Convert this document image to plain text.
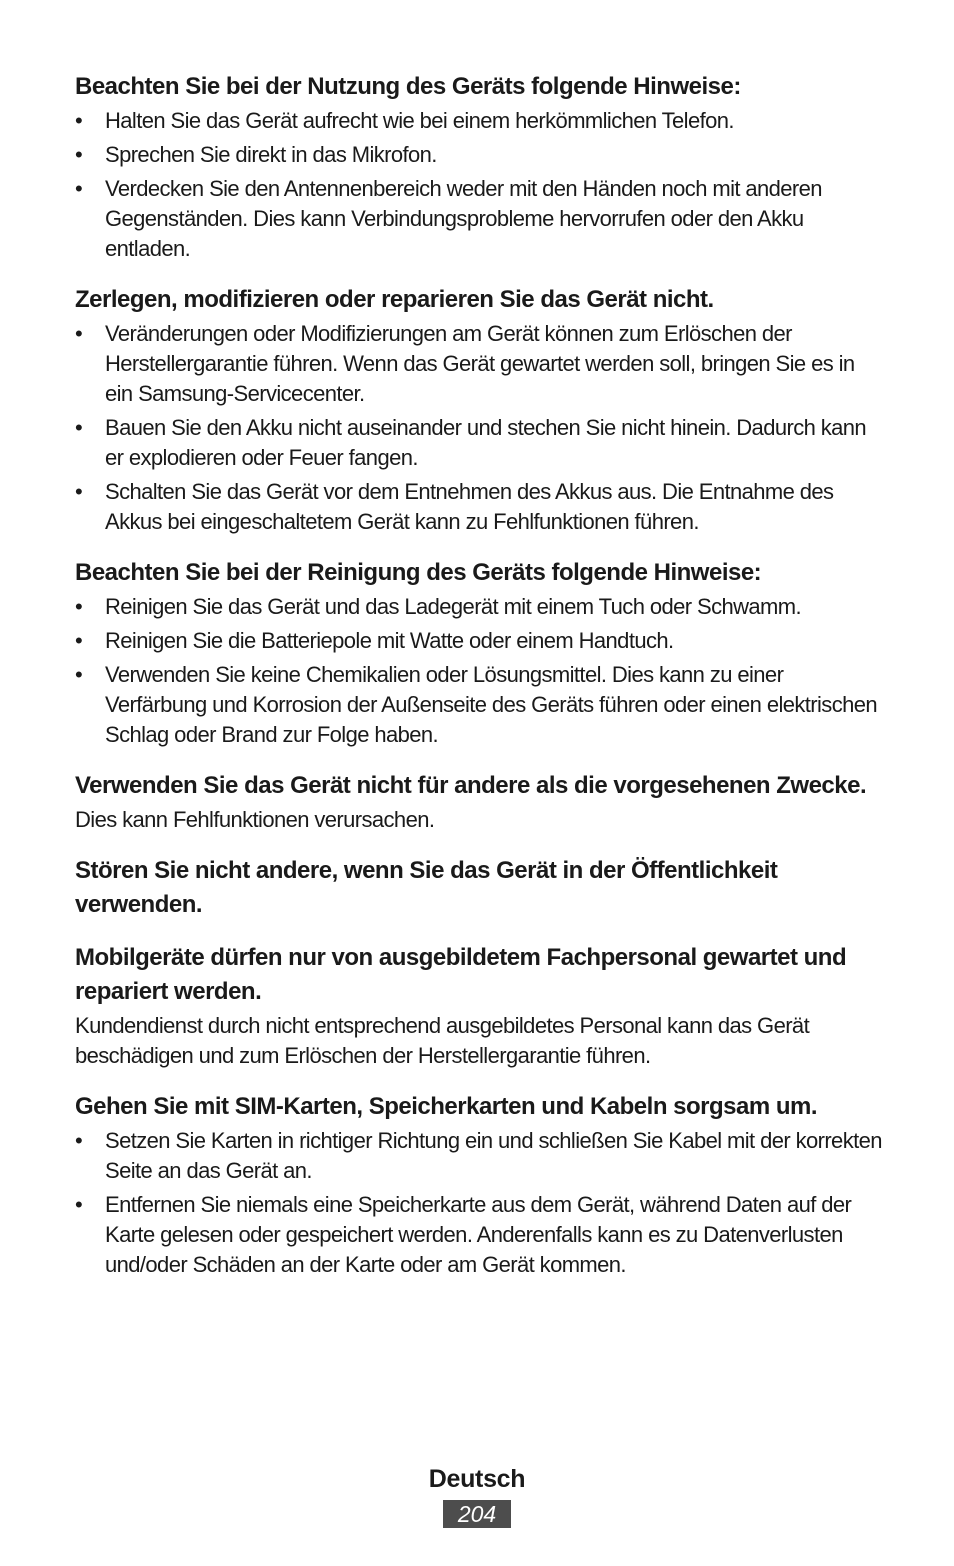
Beachten Sie bei der Nutzung des Geräts folgende Hinweise:
• Halten Sie das Gerät aufrecht wie bei einem herkömmlichen Telefon.
• Sprechen Sie direkt in das Mikrofon.
• Verdecken Sie den Antennenbereich weder mit den Händen noch mit anderen Gegenständen. Dies kann Verbindungsprobleme hervorrufen oder den Akku entladen.
Zerlegen, modifizieren oder reparieren Sie das Gerät nicht.
• Veränderungen oder Modifizierungen am Gerät können zum Erlöschen der Herstellergarantie führen. Wenn das Gerät gewartet werden soll, bringen Sie es in ein Samsung-Servicecenter.
• Bauen Sie den Akku nicht auseinander und stechen Sie nicht hinein. Dadurch kann er explodieren oder Feuer fangen.
• Schalten Sie das Gerät vor dem Entnehmen des Akkus aus. Die Entnahme des Akkus bei eingeschaltetem Gerät kann zu Fehlfunktionen führen.
Beachten Sie bei der Reinigung des Geräts folgende Hinweise:
• Reinigen Sie das Gerät und das Ladegerät mit einem Tuch oder Schwamm.
• Reinigen Sie die Batteriepole mit Watte oder einem Handtuch.
• Verwenden Sie keine Chemikalien oder Lösungsmittel. Dies kann zu einer Verfärbung und Korrosion der Außenseite des Geräts führen oder einen elektrischen Schlag oder Brand zur Folge haben.
Verwenden Sie das Gerät nicht für andere als die vorgesehenen Zwecke.

Dies kann Fehlfunktionen verursachen.

Stören Sie nicht andere, wenn Sie das Gerät in der Öffentlichkeit verwenden.
Mobilgeräte dürfen nur von ausgebildetem Fachpersonal gewartet und repariert werden.

Kundendienst durch nicht entsprechend ausgebildetes Personal kann das Gerät beschädigen und zum Erlöschen der Herstellergarantie führen.

Gehen Sie mit SIM-Karten, Speicherkarten und Kabeln sorgsam um.
• Setzen Sie Karten in richtiger Richtung ein und schließen Sie Kabel mit der korrekten Seite an das Gerät an.
• Entfernen Sie niemals eine Speicherkarte aus dem Gerät, während Daten auf der Karte gelesen oder gespeichert werden. Anderenfalls kann es zu Datenverlusten und/oder Schäden an der Karte oder am Gerät kommen.
Deutsch
204
